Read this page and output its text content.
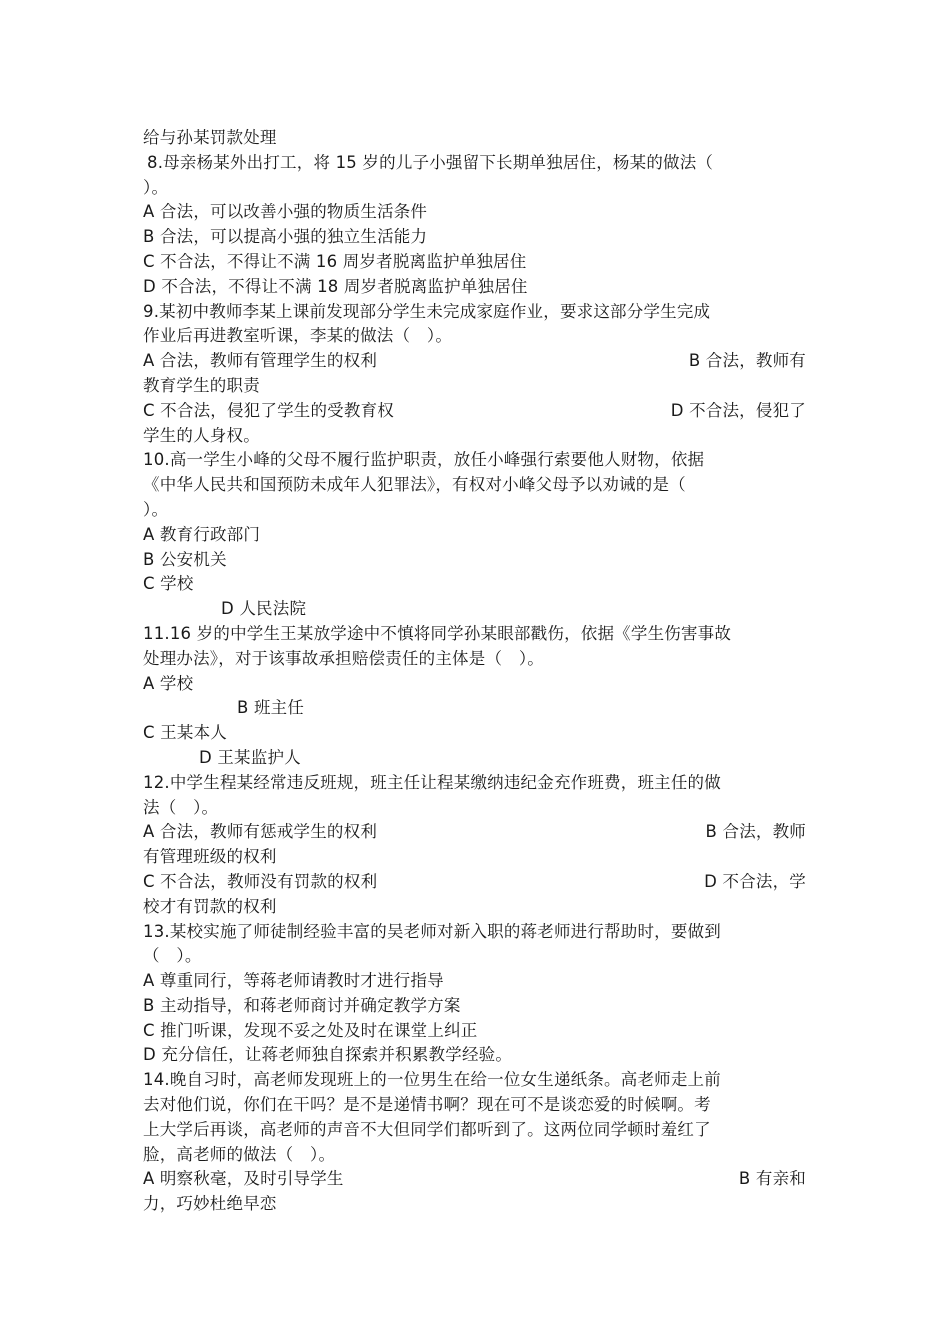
给与孙某罚款处理
8.母亲杨某外出打工，将 15 岁的儿子小强留下长期单独居住，杨某的做法（
）。
A 合法，可以改善小强的物质生活条件
B 合法，可以提高小强的独立生活能力
C 不合法，不得让不满 16 周岁者脱离监护单独居住
D 不合法，不得让不满 18 周岁者脱离监护单独居住
9.某初中教师李某上课前发现部分学生未完成家庭作业，要求这部分学生完成
作业后再进教室听课，李某的做法（　）。
A 合法，教师有管理学生的权利	B 合法，教师有
教育学生的职责
C 不合法，侵犯了学生的受教育权	D 不合法，侵犯了
学生的人身权。
10.高一学生小峰的父母不履行监护职责，放任小峰强行索要他人财物，依据
《中华人民共和国预防未成年人犯罪法》，有权对小峰父母予以劝诫的是（
）。
A 教育行政部门
B 公安机关
C 学校
D 人民法院
11.16 岁的中学生王某放学途中不慎将同学孙某眼部戳伤，依据《学生伤害事故
处理办法》，对于该事故承担赔偿责任的主体是（　）。
A 学校
B 班主任
C 王某本人
D 王某监护人
12.中学生程某经常违反班规，班主任让程某缴纳违纪金充作班费，班主任的做
法（　）。
A 合法，教师有惩戒学生的权利	B 合法，教师
有管理班级的权利
C 不合法，教师没有罚款的权利	D 不合法，学
校才有罚款的权利
13.某校实施了师徒制经验丰富的吴老师对新入职的蒋老师进行帮助时，要做到
（　）。
A 尊重同行，等蒋老师请教时才进行指导
B 主动指导，和蒋老师商讨并确定教学方案
C 推门听课，发现不妥之处及时在课堂上纠正
D 充分信任，让蒋老师独自探索并积累教学经验。
14.晚自习时，高老师发现班上的一位男生在给一位女生递纸条。高老师走上前
去对他们说，你们在干吗？是不是递情书啊？现在可不是谈恋爱的时候啊。考
上大学后再谈，高老师的声音不大但同学们都听到了。这两位同学顿时羞红了
脸，高老师的做法（　）。
A 明察秋毫，及时引导学生	B 有亲和
力，巧妙杜绝早恋
